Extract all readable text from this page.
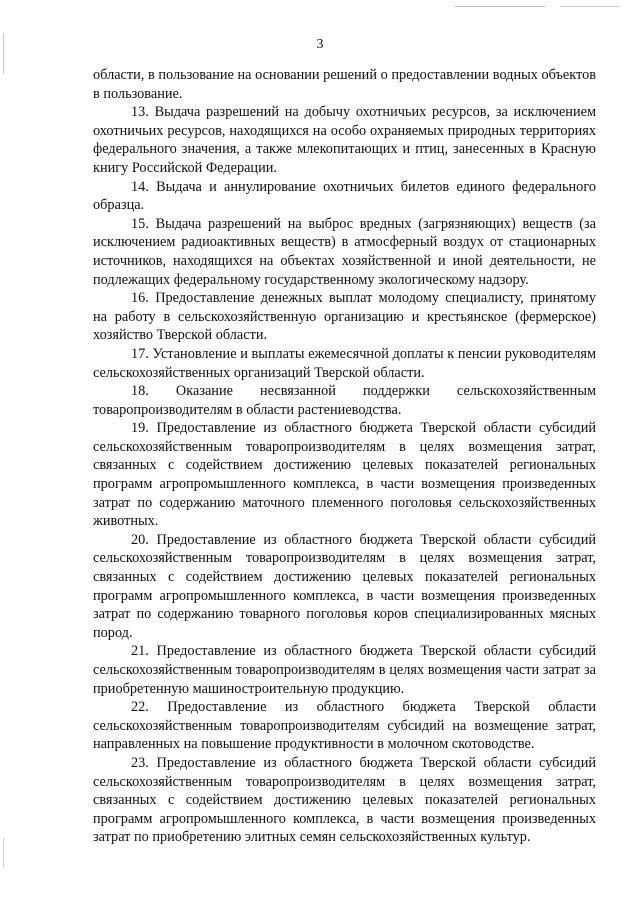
3

области, в пользование на основании решений о предоставлении водных объектов в пользование.

13. Выдача разрешений на добычу охотничьих ресурсов, за исключением охотничьих ресурсов, находящихся на особо охраняемых природных территориях федерального значения, а также млекопитающих и птиц, занесенных в Красную книгу Российской Федерации.

14. Выдача и аннулирование охотничьих билетов единого федерального образца.

15. Выдача разрешений на выброс вредных (загрязняющих) веществ (за исключением радиоактивных веществ) в атмосферный воздух от стационарных источников, находящихся на объектах хозяйственной и иной деятельности, не подлежащих федеральному государственному экологическому надзору.

16. Предоставление денежных выплат молодому специалисту, принятому на работу в сельскохозяйственную организацию и крестьянское (фермерское) хозяйство Тверской области.

17. Установление и выплаты ежемесячной доплаты к пенсии руководителям сельскохозяйственных организаций Тверской области.

18. Оказание несвязанной поддержки сельскохозяйственным товаропроизводителям в области растениеводства.

19. Предоставление из областного бюджета Тверской области субсидий сельскохозяйственным товаропроизводителям в целях возмещения затрат, связанных с содействием достижению целевых показателей региональных программ агропромышленного комплекса, в части возмещения произведенных затрат по содержанию маточного племенного поголовья сельскохозяйственных животных.

20. Предоставление из областного бюджета Тверской области субсидий сельскохозяйственным товаропроизводителям в целях возмещения затрат, связанных с содействием достижению целевых показателей региональных программ агропромышленного комплекса, в части возмещения произведенных затрат по содержанию товарного поголовья коров специализированных мясных пород.

21. Предоставление из областного бюджета Тверской области субсидий сельскохозяйственным товаропроизводителям в целях возмещения части затрат за приобретенную машиностроительную продукцию.

22. Предоставление из областного бюджета Тверской области сельскохозяйственным товаропроизводителям субсидий на возмещение затрат, направленных на повышение продуктивности в молочном скотоводстве.

23. Предоставление из областного бюджета Тверской области субсидий сельскохозяйственным товаропроизводителям в целях возмещения затрат, связанных с содействием достижению целевых показателей региональных программ агропромышленного комплекса, в части возмещения произведенных затрат по приобретению элитных семян сельскохозяйственных культур.
